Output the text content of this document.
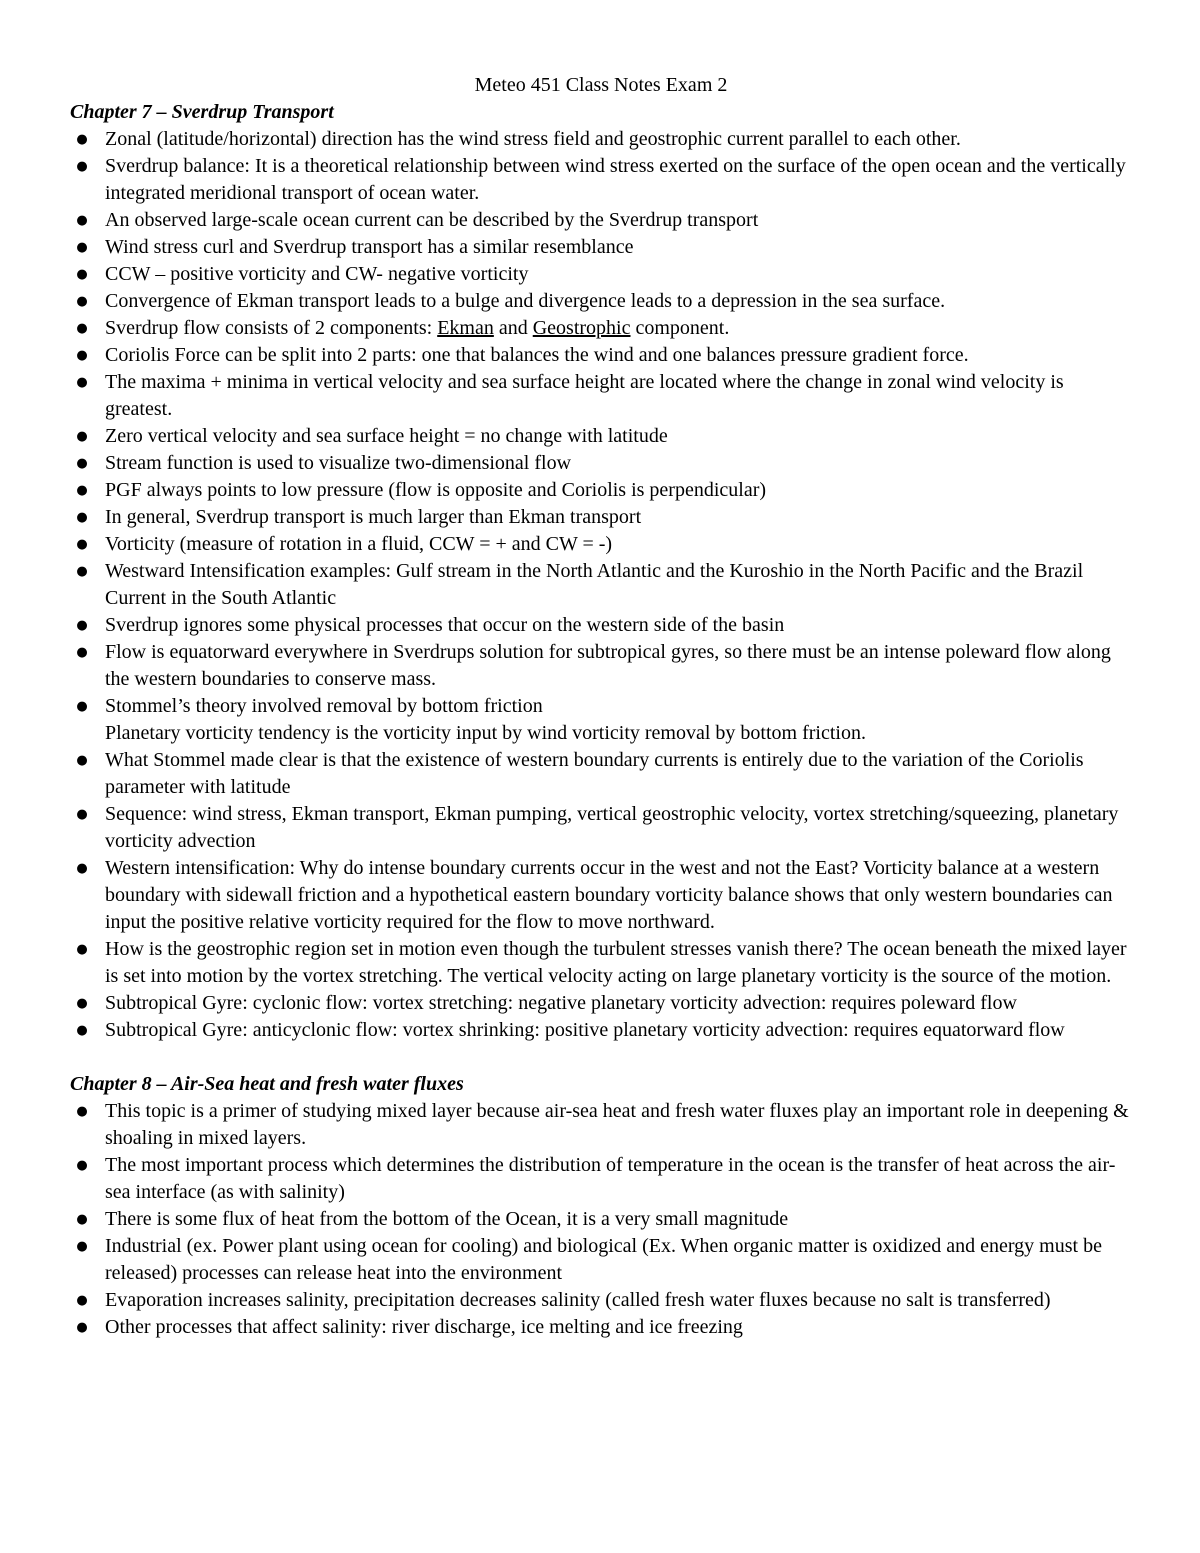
Meteo 451 Class Notes Exam 2
Chapter 7 – Sverdrup Transport
● Zonal (latitude/horizontal) direction has the wind stress field and geostrophic current parallel to each other.
● Sverdrup balance: It is a theoretical relationship between wind stress exerted on the surface of the open ocean and the vertically integrated meridional transport of ocean water.
● An observed large-scale ocean current can be described by the Sverdrup transport
● Wind stress curl and Sverdrup transport has a similar resemblance
● CCW – positive vorticity and CW- negative vorticity
● Convergence of Ekman transport leads to a bulge and divergence leads to a depression in the sea surface.
● Sverdrup flow consists of 2 components: Ekman and Geostrophic component.
● Coriolis Force can be split into 2 parts: one that balances the wind and one balances pressure gradient force.
● The maxima + minima in vertical velocity and sea surface height are located where the change in zonal wind velocity is greatest.
● Zero vertical velocity and sea surface height = no change with latitude
● Stream function is used to visualize two-dimensional flow
● PGF always points to low pressure (flow is opposite and Coriolis is perpendicular)
● In general, Sverdrup transport is much larger than Ekman transport
● Vorticity (measure of rotation in a fluid, CCW = + and CW = -)
● Westward Intensification examples: Gulf stream in the North Atlantic and the Kuroshio in the North Pacific and the Brazil Current in the South Atlantic
● Sverdrup ignores some physical processes that occur on the western side of the basin
● Flow is equatorward everywhere in Sverdrups solution for subtropical gyres, so there must be an intense poleward flow along the western boundaries to conserve mass.
● Stommel’s theory involved removal by bottom friction
Planetary vorticity tendency is the vorticity input by wind vorticity removal by bottom friction.
● What Stommel made clear is that the existence of western boundary currents is entirely due to the variation of the Coriolis parameter with latitude
● Sequence: wind stress, Ekman transport, Ekman pumping, vertical geostrophic velocity, vortex stretching/squeezing, planetary vorticity advection
● Western intensification: Why do intense boundary currents occur in the west and not the East? Vorticity balance at a western boundary with sidewall friction and a hypothetical eastern boundary vorticity balance shows that only western boundaries can input the positive relative vorticity required for the flow to move northward.
● How is the geostrophic region set in motion even though the turbulent stresses vanish there? The ocean beneath the mixed layer is set into motion by the vortex stretching. The vertical velocity acting on large planetary vorticity is the source of the motion.
● Subtropical Gyre: cyclonic flow: vortex stretching: negative planetary vorticity advection: requires poleward flow
● Subtropical Gyre: anticyclonic flow: vortex shrinking: positive planetary vorticity advection: requires equatorward flow
Chapter 8 – Air-Sea heat and fresh water fluxes
● This topic is a primer of studying mixed layer because air-sea heat and fresh water fluxes play an important role in deepening & shoaling in mixed layers.
● The most important process which determines the distribution of temperature in the ocean is the transfer of heat across the air-sea interface (as with salinity)
● There is some flux of heat from the bottom of the Ocean, it is a very small magnitude
● Industrial (ex. Power plant using ocean for cooling) and biological (Ex. When organic matter is oxidized and energy must be released) processes can release heat into the environment
● Evaporation increases salinity, precipitation decreases salinity (called fresh water fluxes because no salt is transferred)
● Other processes that affect salinity: river discharge, ice melting and ice freezing
